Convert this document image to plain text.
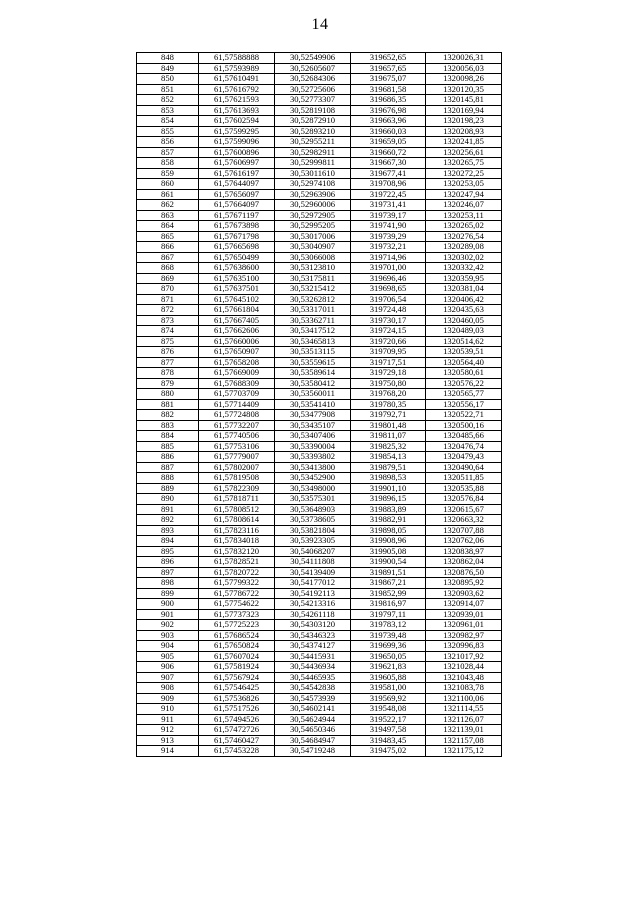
14
848	61,57588888	30,52549906	319652,65	1320026,31
849	61,57593989	30,52605607	319657,65	1320056,03
850	61,57610491	30,52684306	319675,07	1320098,26
851	61,57616792	30,52725606	319681,58	1320120,35
852	61,57621593	30,52773307	319686,35	1320145,81
853	61,57613693	30,52819108	319676,98	1320169,94
854	61,57602594	30,52872910	319663,96	1320198,23
855	61,57599295	30,52893210	319660,03	1320208,93
856	61,57599096	30,52955211	319659,05	1320241,85
857	61,57600896	30,52982911	319660,72	1320256,61
858	61,57606997	30,52999811	319667,30	1320265,75
859	61,57616197	30,53011610	319677,41	1320272,25
860	61,57644097	30,52974108	319708,96	1320253,05
861	61,57656097	30,52963906	319722,45	1320247,94
862	61,57664097	30,52960006	319731,41	1320246,07
863	61,57671197	30,52972905	319739,17	1320253,11
864	61,57673898	30,52995205	319741,90	1320265,02
865	61,57671798	30,53017006	319739,29	1320276,54
866	61,57665698	30,53040907	319732,21	1320289,08
867	61,57650499	30,53066008	319714,96	1320302,02
868	61,57638600	30,53123810	319701,00	1320332,42
869	61,57635100	30,53175811	319696,46	1320359,95
870	61,57637501	30,53215412	319698,65	1320381,04
871	61,57645102	30,53262812	319706,54	1320406,42
872	61,57661804	30,53317011	319724,48	1320435,63
873	61,57667405	30,53362711	319730,17	1320460,05
874	61,57662606	30,53417512	319724,15	1320489,03
875	61,57660006	30,53465813	319720,66	1320514,62
876	61,57650907	30,53513115	319709,95	1320539,51
877	61,57658208	30,53559615	319717,51	1320564,40
878	61,57669009	30,53589614	319729,18	1320580,61
879	61,57688309	30,53580412	319750,80	1320576,22
880	61,57703709	30,53560011	319768,20	1320565,77
881	61,57714409	30,53541410	319780,35	1320556,17
882	61,57724808	30,53477908	319792,71	1320522,71
883	61,57732207	30,53435107	319801,48	1320500,16
884	61,57740506	30,53407406	319811,07	1320485,66
885	61,57753106	30,53390004	319825,32	1320476,74
886	61,57779007	30,53393802	319854,13	1320479,43
887	61,57802007	30,53413800	319879,51	1320490,64
888	61,57819508	30,53452900	319898,53	1320511,85
889	61,57822309	30,53498000	319901,10	1320535,88
890	61,57818711	30,53575301	319896,15	1320576,84
891	61,57808512	30,53648903	319883,89	1320615,67
892	61,57808614	30,53738605	319882,91	1320663,32
893	61,57823116	30,53821804	319898,05	1320707,88
894	61,57834018	30,53923305	319908,96	1320762,06
895	61,57832120	30,54068207	319905,08	1320838,97
896	61,57828521	30,54111808	319900,54	1320862,04
897	61,57820722	30,54139409	319891,51	1320876,50
898	61,57799322	30,54177012	319867,21	1320895,92
899	61,57786722	30,54192113	319852,99	1320903,62
900	61,57754622	30,54213316	319816,97	1320914,07
901	61,57737323	30,54261118	319797,11	1320939,01
902	61,57725223	30,54303120	319783,12	1320961,01
903	61,57686524	30,54346323	319739,48	1320982,97
904	61,57650824	30,54374127	319699,36	1320996,83
905	61,57607024	30,54415931	319650,05	1321017,92
906	61,57581924	30,54436934	319621,83	1321028,44
907	61,57567924	30,54465935	319605,88	1321043,48
908	61,57546425	30,54542838	319581,00	1321083,78
909	61,57536826	30,54573939	319569,92	1321100,06
910	61,57517526	30,54602141	319548,08	1321114,55
911	61,57494526	30,54624944	319522,17	1321126,07
912	61,57472726	30,54650346	319497,58	1321139,01
913	61,57460427	30,54684947	319483,45	1321157,08
914	61,57453228	30,54719248	319475,02	1321175,12
